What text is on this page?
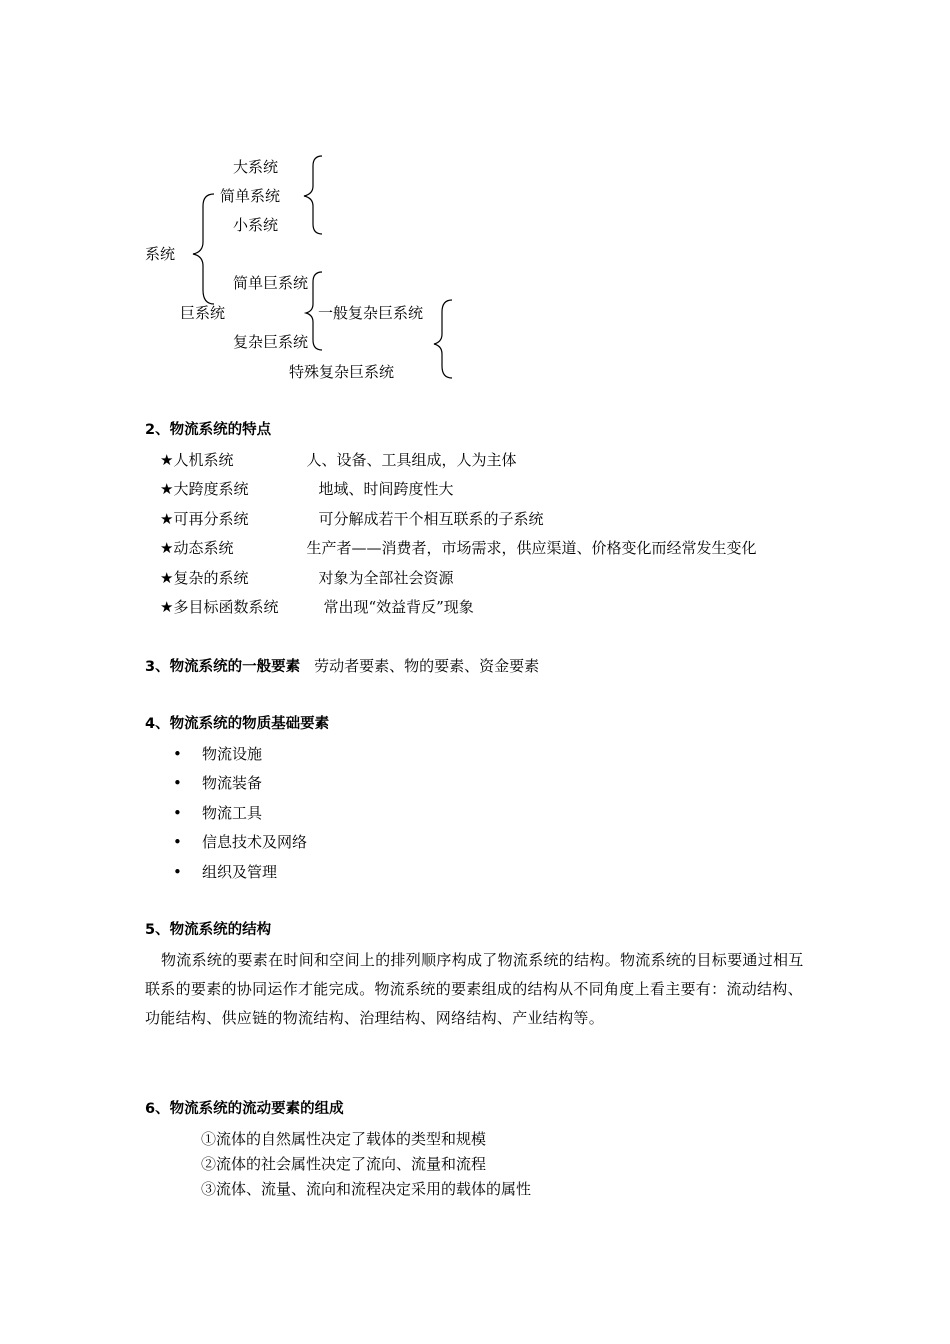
系统
大系统
简单系统
小系统
简单巨系统
巨系统	一般复杂巨系统
复杂巨系统
特殊复杂巨系统
2、物流系统的特点
★人机系统	人、设备、工具组成，人为主体
★大跨度系统	地域、时间跨度性大
★可再分系统	可分解成若干个相互联系的子系统
★动态系统	生产者——消费者，市场需求，供应渠道、价格变化而经常发生变化
★复杂的系统	对象为全部社会资源
★多目标函数系统	常出现“效益背反”现象
3、物流系统的一般要素 劳动者要素、物的要素、资金要素
4、物流系统的物质基础要素
• 物流设施
• 物流装备
• 物流工具
• 信息技术及网络
• 组织及管理
5、物流系统的结构
物流系统的要素在时间和空间上的排列顺序构成了物流系统的结构。物流系统的目标要通过相互联系的要素的协同运作才能完成。物流系统的要素组成的结构从不同角度上看主要有：流动结构、功能结构、供应链的物流结构、治理结构、网络结构、产业结构等。
6、物流系统的流动要素的组成
①流体的自然属性决定了载体的类型和规模
②流体的社会属性决定了流向、流量和流程
③流体、流量、流向和流程决定采用的载体的属性
